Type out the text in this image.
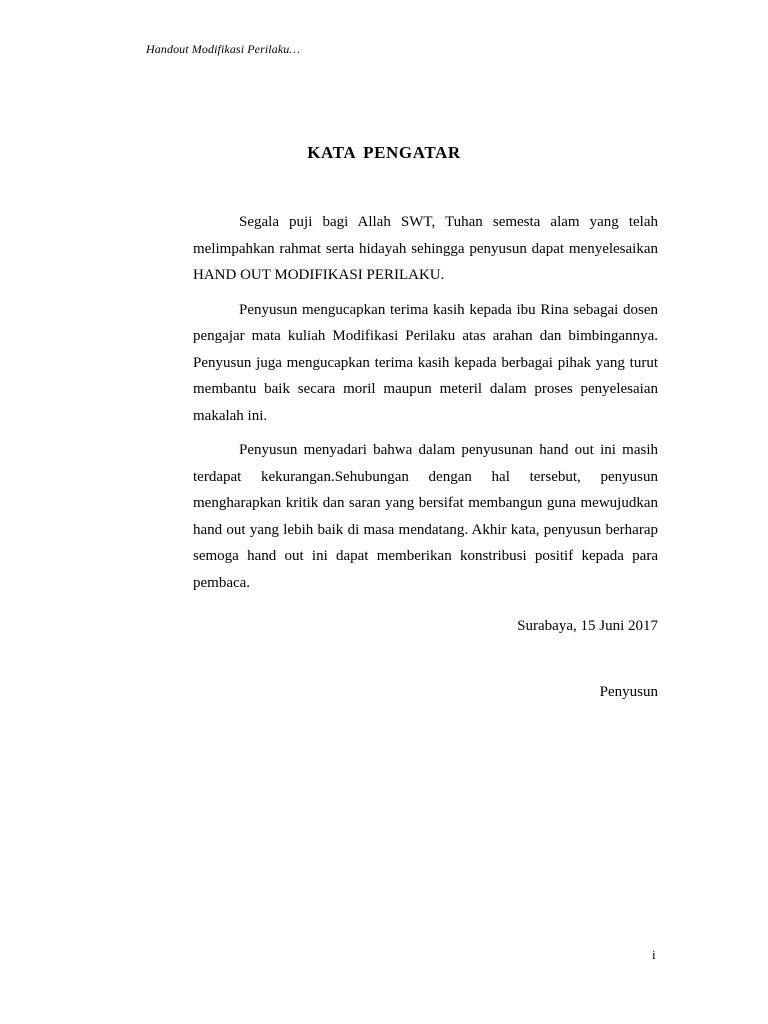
Handout Modifikasi Perilaku…
KATA PENGATAR

Segala puji bagi Allah SWT, Tuhan semesta alam yang telah melimpahkan rahmat serta hidayah sehingga penyusun dapat menyelesaikan HAND OUT MODIFIKASI PERILAKU.

Penyusun mengucapkan terima kasih kepada ibu Rina sebagai dosen pengajar mata kuliah Modifikasi Perilaku atas arahan dan bimbingannya. Penyusun juga mengucapkan terima kasih kepada berbagai pihak yang turut membantu baik secara moril maupun meteril dalam proses penyelesaian makalah ini.

Penyusun menyadari bahwa dalam penyusunan hand out ini masih terdapat kekurangan.Sehubungan dengan hal tersebut, penyusun mengharapkan kritik dan saran yang bersifat membangun guna mewujudkan hand out yang lebih baik di masa mendatang. Akhir kata, penyusun berharap semoga hand out ini dapat memberikan konstribusi positif kepada para pembaca.

Surabaya, 15 Juni 2017
Penyusun
i
